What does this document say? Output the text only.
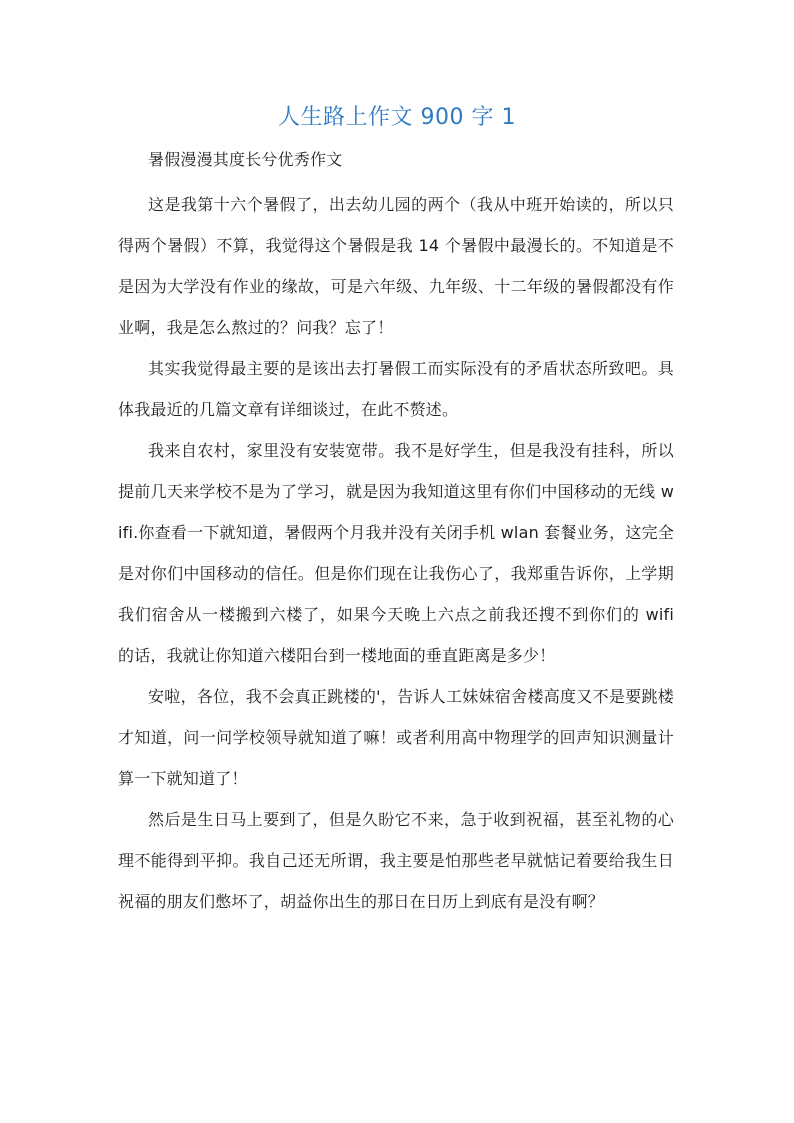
人生路上作文 900 字 1

暑假漫漫其度长兮优秀作文

这是我第十六个暑假了，出去幼儿园的两个（我从中班开始读的，所以只得两个暑假）不算，我觉得这个暑假是我 14 个暑假中最漫长的。不知道是不是因为大学没有作业的缘故，可是六年级、九年级、十二年级的暑假都没有作业啊，我是怎么熬过的？问我？忘了！

其实我觉得最主要的是该出去打暑假工而实际没有的矛盾状态所致吧。具体我最近的几篇文章有详细谈过，在此不赘述。

我来自农村，家里没有安装宽带。我不是好学生，但是我没有挂科，所以提前几天来学校不是为了学习，就是因为我知道这里有你们中国移动的无线 wifi.你查看一下就知道，暑假两个月我并没有关闭手机 wlan 套餐业务，这完全是对你们中国移动的信任。但是你们现在让我伤心了，我郑重告诉你，上学期我们宿舍从一楼搬到六楼了，如果今天晚上六点之前我还搜不到你们的 wifi 的话，我就让你知道六楼阳台到一楼地面的垂直距离是多少！

安啦，各位，我不会真正跳楼的'，告诉人工妹妹宿舍楼高度又不是要跳楼才知道，问一问学校领导就知道了嘛！或者利用高中物理学的回声知识测量计算一下就知道了！

然后是生日马上要到了，但是久盼它不来，急于收到祝福，甚至礼物的心理不能得到平抑。我自己还无所谓，我主要是怕那些老早就惦记着要给我生日祝福的朋友们憋坏了，胡益你出生的那日在日历上到底有是没有啊？
